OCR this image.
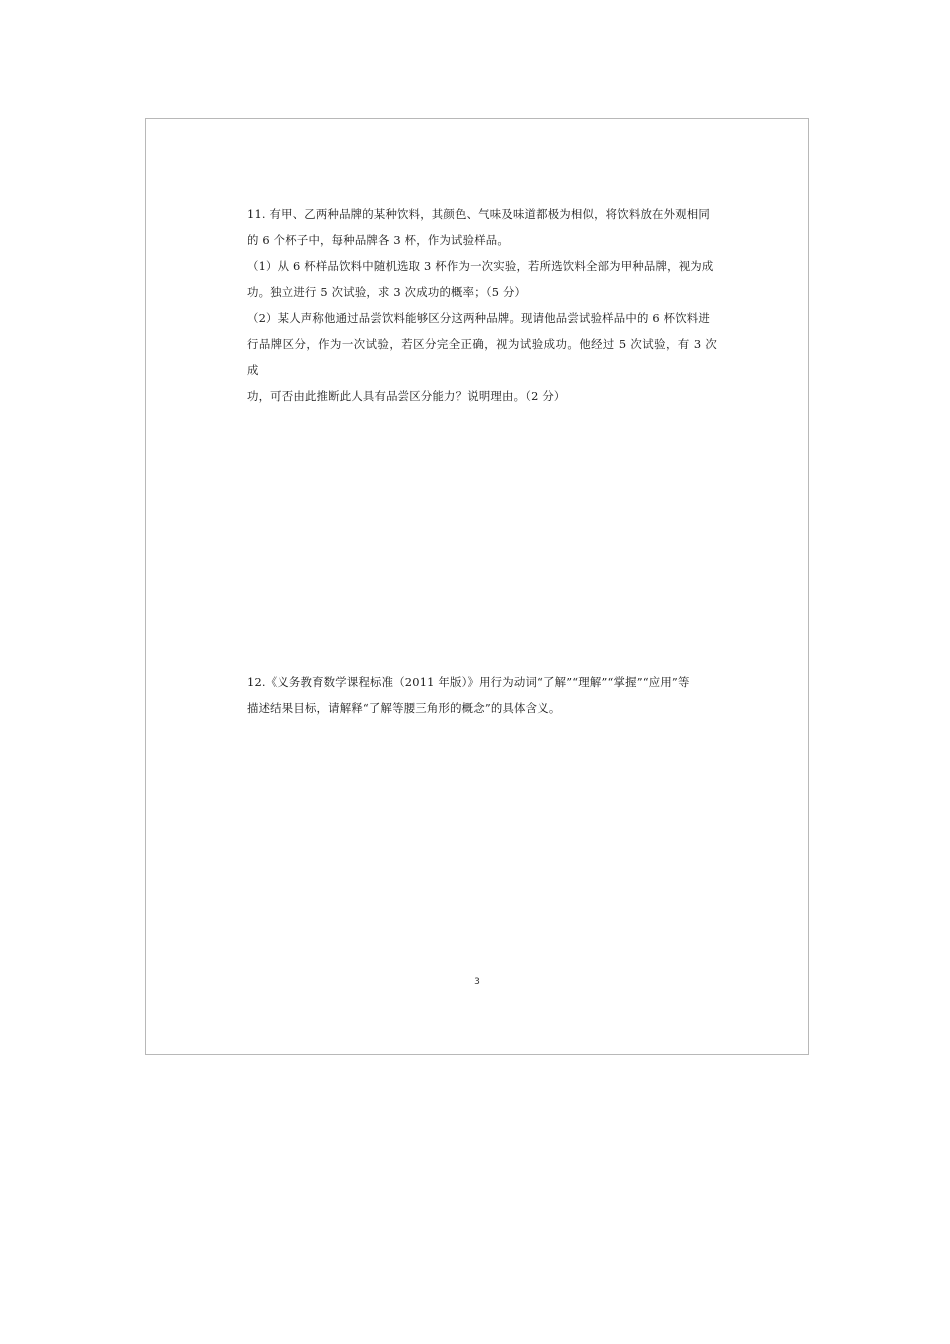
11. 有甲、乙两种品牌的某种饮料，其颜色、气味及味道都极为相似，将饮料放在外观相同

的 6 个杯子中，每种品牌各 3 杯，作为试验样品。

（1）从 6 杯样品饮料中随机选取 3 杯作为一次实验，若所选饮料全部为甲种品牌，视为成

功。独立进行 5 次试验，求 3 次成功的概率；（5 分）

（2）某人声称他通过品尝饮料能够区分这两种品牌。现请他品尝试验样品中的 6 杯饮料进

行品牌区分，作为一次试验，若区分完全正确，视为试验成功。他经过 5 次试验，有 3 次成

功，可否由此推断此人具有品尝区分能力？说明理由。（2 分）

12.《义务教育数学课程标准（2011 年版）》用行为动词“了解”“理解”“掌握”“应用”等

描述结果目标，请解释“了解等腰三角形的概念”的具体含义。

3
